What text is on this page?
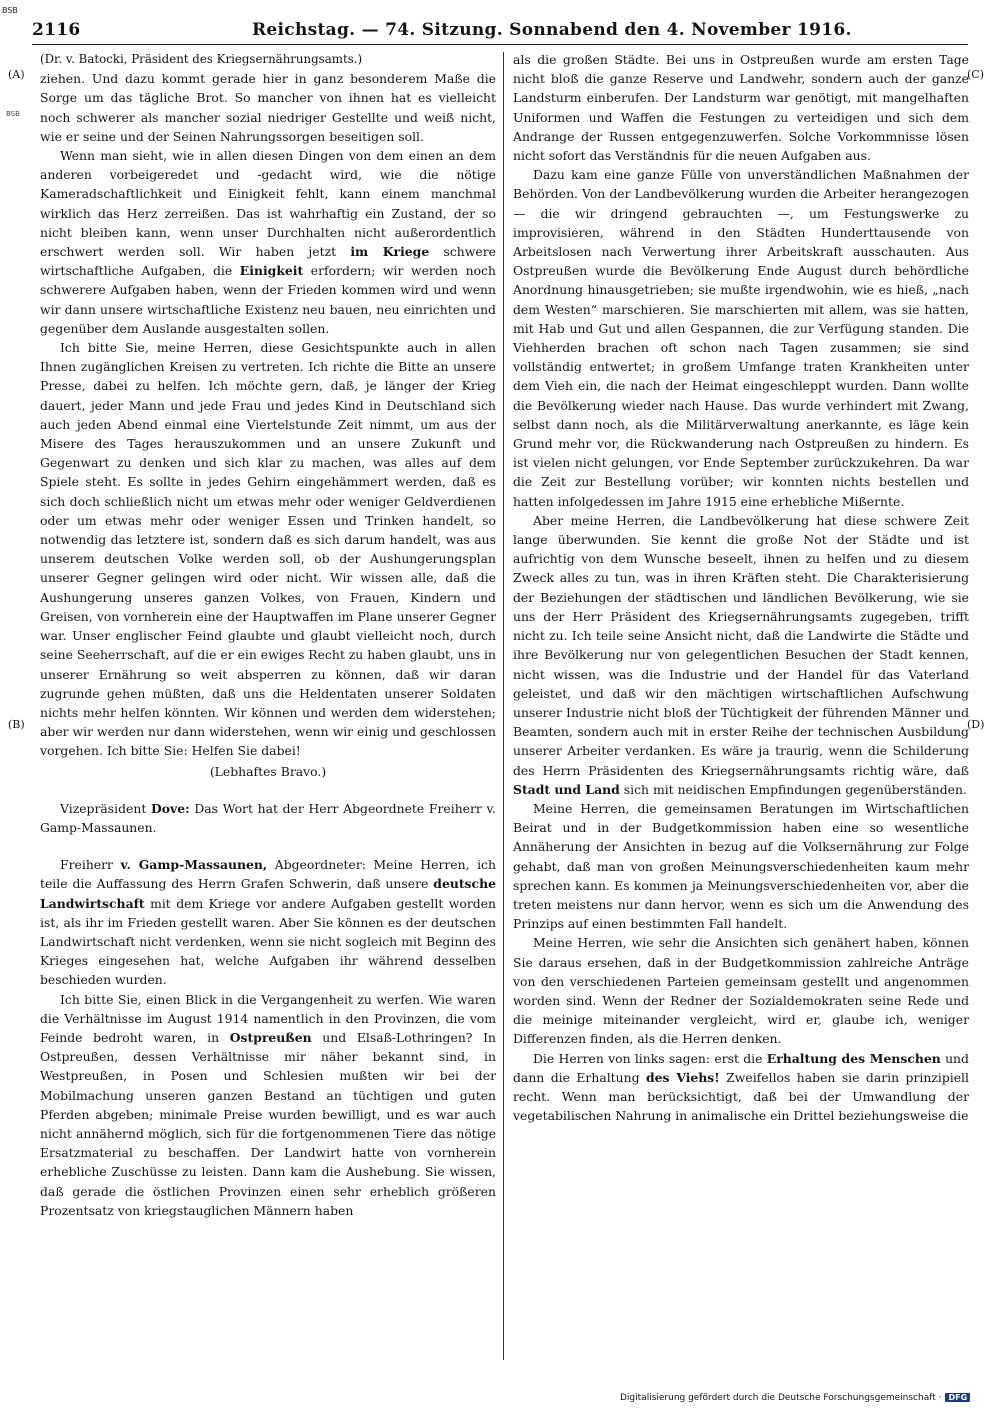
BSB
BSB
2116	Reichstag. — 74. Sitzung. Sonnabend den 4. November 1916.
(A)
(B)
(C)
(D)

(Dr. v. Batocki, Präsident des Kriegsernährungsamts.)

ziehen. Und dazu kommt gerade hier in ganz besonderem Maße die Sorge um das tägliche Brot. So mancher von ihnen hat es vielleicht noch schwerer als mancher sozial niedriger Gestellte und weiß nicht, wie er seine und der Seinen Nahrungssorgen beseitigen soll.

Wenn man sieht, wie in allen diesen Dingen von dem einen an dem anderen vorbeigeredet und -gedacht wird, wie die nötige Kameradschaftlichkeit und Einigkeit fehlt, kann einem manchmal wirklich das Herz zerreißen. Das ist wahrhaftig ein Zustand, der so nicht bleiben kann, wenn unser Durchhalten nicht außerordentlich erschwert werden soll. Wir haben jetzt im Kriege schwere wirtschaftliche Aufgaben, die Einigkeit erfordern; wir werden noch schwerere Aufgaben haben, wenn der Frieden kommen wird und wenn wir dann unsere wirtschaftliche Existenz neu bauen, neu einrichten und gegenüber dem Auslande ausgestalten sollen.

Ich bitte Sie, meine Herren, diese Gesichtspunkte auch in allen Ihnen zugänglichen Kreisen zu vertreten. Ich richte die Bitte an unsere Presse, dabei zu helfen. Ich möchte gern, daß, je länger der Krieg dauert, jeder Mann und jede Frau und jedes Kind in Deutschland sich auch jeden Abend einmal eine Viertelstunde Zeit nimmt, um aus der Misere des Tages herauszukommen und an unsere Zukunft und Gegenwart zu denken und sich klar zu machen, was alles auf dem Spiele steht. Es sollte in jedes Gehirn eingehämmert werden, daß es sich doch schließlich nicht um etwas mehr oder weniger Geldverdienen oder um etwas mehr oder weniger Essen und Trinken handelt, so notwendig das letztere ist, sondern daß es sich darum handelt, was aus unserem deutschen Volke werden soll, ob der Aushungerungsplan unserer Gegner gelingen wird oder nicht. Wir wissen alle, daß die Aushungerung unseres ganzen Volkes, von Frauen, Kindern und Greisen, von vornherein eine der Hauptwaffen im Plane unserer Gegner war. Unser englischer Feind glaubte und glaubt vielleicht noch, durch seine Seeherrschaft, auf die er ein ewiges Recht zu haben glaubt, uns in unserer Ernährung so weit absperren zu können, daß wir daran zugrunde gehen müßten, daß uns die Heldentaten unserer Soldaten nichts mehr helfen könnten. Wir können und werden dem widerstehen; aber wir werden nur dann widerstehen, wenn wir einig und geschlossen vorgehen. Ich bitte Sie: Helfen Sie dabei!

(Lebhaftes Bravo.)

Vizepräsident Dove: Das Wort hat der Herr Abgeordnete Freiherr v. Gamp-Massaunen.

Freiherr v. Gamp-Massaunen, Abgeordneter: Meine Herren, ich teile die Auffassung des Herrn Grafen Schwerin, daß unsere deutsche Landwirtschaft mit dem Kriege vor andere Aufgaben gestellt worden ist, als ihr im Frieden gestellt waren. Aber Sie können es der deutschen Landwirtschaft nicht verdenken, wenn sie nicht sogleich mit Beginn des Krieges eingesehen hat, welche Aufgaben ihr während desselben beschieden wurden.

Ich bitte Sie, einen Blick in die Vergangenheit zu werfen. Wie waren die Verhältnisse im August 1914 namentlich in den Provinzen, die vom Feinde bedroht waren, in Ostpreußen und Elsaß-Lothringen? In Ostpreußen, dessen Verhältnisse mir näher bekannt sind, in Westpreußen, in Posen und Schlesien mußten wir bei der Mobilmachung unseren ganzen Bestand an tüchtigen und guten Pferden abgeben; minimale Preise wurden bewilligt, und es war auch nicht annähernd möglich, sich für die fortgenommenen Tiere das nötige Ersatzmaterial zu beschaffen. Der Landwirt hatte von vornherein erhebliche Zuschüsse zu leisten. Dann kam die Aushebung. Sie wissen, daß gerade die östlichen Provinzen einen sehr erheblich größeren Prozentsatz von kriegstauglichen Männern haben

als die großen Städte. Bei uns in Ostpreußen wurde am ersten Tage nicht bloß die ganze Reserve und Landwehr, sondern auch der ganze Landsturm einberufen. Der Landsturm war genötigt, mit mangelhaften Uniformen und Waffen die Festungen zu verteidigen und sich dem Andrange der Russen entgegenzuwerfen. Solche Vorkommnisse lösen nicht sofort das Verständnis für die neuen Aufgaben aus.

Dazu kam eine ganze Fülle von unverständlichen Maßnahmen der Behörden. Von der Landbevölkerung wurden die Arbeiter herangezogen — die wir dringend gebrauchten —, um Festungswerke zu improvisieren, während in den Städten Hunderttausende von Arbeitslosen nach Verwertung ihrer Arbeitskraft ausschauten. Aus Ostpreußen wurde die Bevölkerung Ende August durch behördliche Anordnung hinausgetrieben; sie mußte irgendwohin, wie es hieß, „nach dem Westen“ marschieren. Sie marschierten mit allem, was sie hatten, mit Hab und Gut und allen Gespannen, die zur Verfügung standen. Die Viehherden brachen oft schon nach Tagen zusammen; sie sind vollständig entwertet; in großem Umfange traten Krankheiten unter dem Vieh ein, die nach der Heimat eingeschleppt wurden. Dann wollte die Bevölkerung wieder nach Hause. Das wurde verhindert mit Zwang, selbst dann noch, als die Militärverwaltung anerkannte, es läge kein Grund mehr vor, die Rückwanderung nach Ostpreußen zu hindern. Es ist vielen nicht gelungen, vor Ende September zurückzukehren. Da war die Zeit zur Bestellung vorüber; wir konnten nichts bestellen und hatten infolgedessen im Jahre 1915 eine erhebliche Mißernte.

Aber meine Herren, die Landbevölkerung hat diese schwere Zeit lange überwunden. Sie kennt die große Not der Städte und ist aufrichtig von dem Wunsche beseelt, ihnen zu helfen und zu diesem Zweck alles zu tun, was in ihren Kräften steht. Die Charakterisierung der Beziehungen der städtischen und ländlichen Bevölkerung, wie sie uns der Herr Präsident des Kriegsernährungsamts zugegeben, trifft nicht zu. Ich teile seine Ansicht nicht, daß die Landwirte die Städte und ihre Bevölkerung nur von gelegentlichen Besuchen der Stadt kennen, nicht wissen, was die Industrie und der Handel für das Vaterland geleistet, und daß wir den mächtigen wirtschaftlichen Aufschwung unserer Industrie nicht bloß der Tüchtigkeit der führenden Männer und Beamten, sondern auch mit in erster Reihe der technischen Ausbildung unserer Arbeiter verdanken. Es wäre ja traurig, wenn die Schilderung des Herrn Präsidenten des Kriegsernährungsamts richtig wäre, daß Stadt und Land sich mit neidischen Empfindungen gegenüberständen.

Meine Herren, die gemeinsamen Beratungen im Wirtschaftlichen Beirat und in der Budgetkommission haben eine so wesentliche Annäherung der Ansichten in bezug auf die Volksernährung zur Folge gehabt, daß man von großen Meinungsverschiedenheiten kaum mehr sprechen kann. Es kommen ja Meinungsverschiedenheiten vor, aber die treten meistens nur dann hervor, wenn es sich um die Anwendung des Prinzips auf einen bestimmten Fall handelt.

Meine Herren, wie sehr die Ansichten sich genähert haben, können Sie daraus ersehen, daß in der Budgetkommission zahlreiche Anträge von den verschiedenen Parteien gemeinsam gestellt und angenommen worden sind. Wenn der Redner der Sozialdemokraten seine Rede und die meinige miteinander vergleicht, wird er, glaube ich, weniger Differenzen finden, als die Herren denken.

Die Herren von links sagen: erst die Erhaltung des Menschen und dann die Erhaltung des Viehs! Zweifellos haben sie darin prinzipiell recht. Wenn man berücksichtigt, daß bei der Umwandlung der vegetabilischen Nahrung in animalische ein Drittel beziehungsweise die

Digitalisierung gefördert durch die Deutsche Forschungsgemeinschaft · DFG
